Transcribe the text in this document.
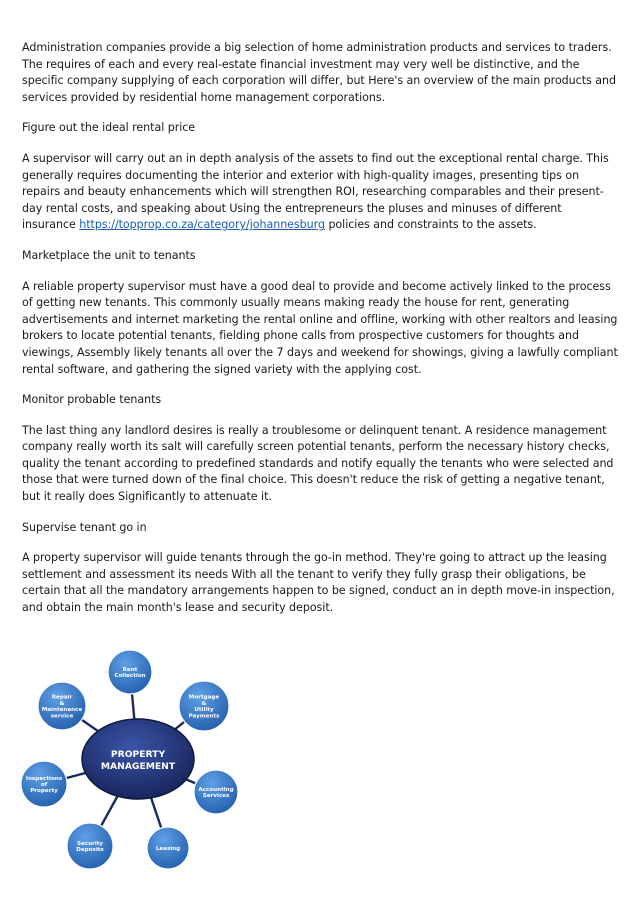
Administration companies provide a big selection of home administration products and services to traders. The requires of each and every real-estate financial investment may very well be distinctive, and the specific company supplying of each corporation will differ, but Here's an overview of the main products and services provided by residential home management corporations.

Figure out the ideal rental price

A supervisor will carry out an in depth analysis of the assets to find out the exceptional rental charge. This generally requires documenting the interior and exterior with high-quality images, presenting tips on repairs and beauty enhancements which will strengthen ROI, researching comparables and their present-day rental costs, and speaking about Using the entrepreneurs the pluses and minuses of different insurance https://topprop.co.za/category/johannesburg policies and constraints to the assets.

Marketplace the unit to tenants

A reliable property supervisor must have a good deal to provide and become actively linked to the process of getting new tenants. This commonly usually means making ready the house for rent, generating advertisements and internet marketing the rental online and offline, working with other realtors and leasing brokers to locate potential tenants, fielding phone calls from prospective customers for thoughts and viewings, Assembly likely tenants all over the 7 days and weekend for showings, giving a lawfully compliant rental software, and gathering the signed variety with the applying cost.

Monitor probable tenants

The last thing any landlord desires is really a troublesome or delinquent tenant. A residence management company really worth its salt will carefully screen potential tenants, perform the necessary history checks, quality the tenant according to predefined standards and notify equally the tenants who were selected and those that were turned down of the final choice. This doesn't reduce the risk of getting a negative tenant, but it really does Significantly to attenuate it.

Supervise tenant go in

A property supervisor will guide tenants through the go-in method. They're going to attract up the leasing settlement and assessment its needs With all the tenant to verify they fully grasp their obligations, be certain that all the mandatory arrangements happen to be signed, conduct an in depth move-in inspection, and obtain the main month's lease and security deposit.

Rent
Collection
Mortgage
&
Utility
Payments
Accounting
Services
Leasing
Security
Deposits
Inspections
of
Property
Repair
&
Maintenance
service
PROPERTY
MANAGEMENT
